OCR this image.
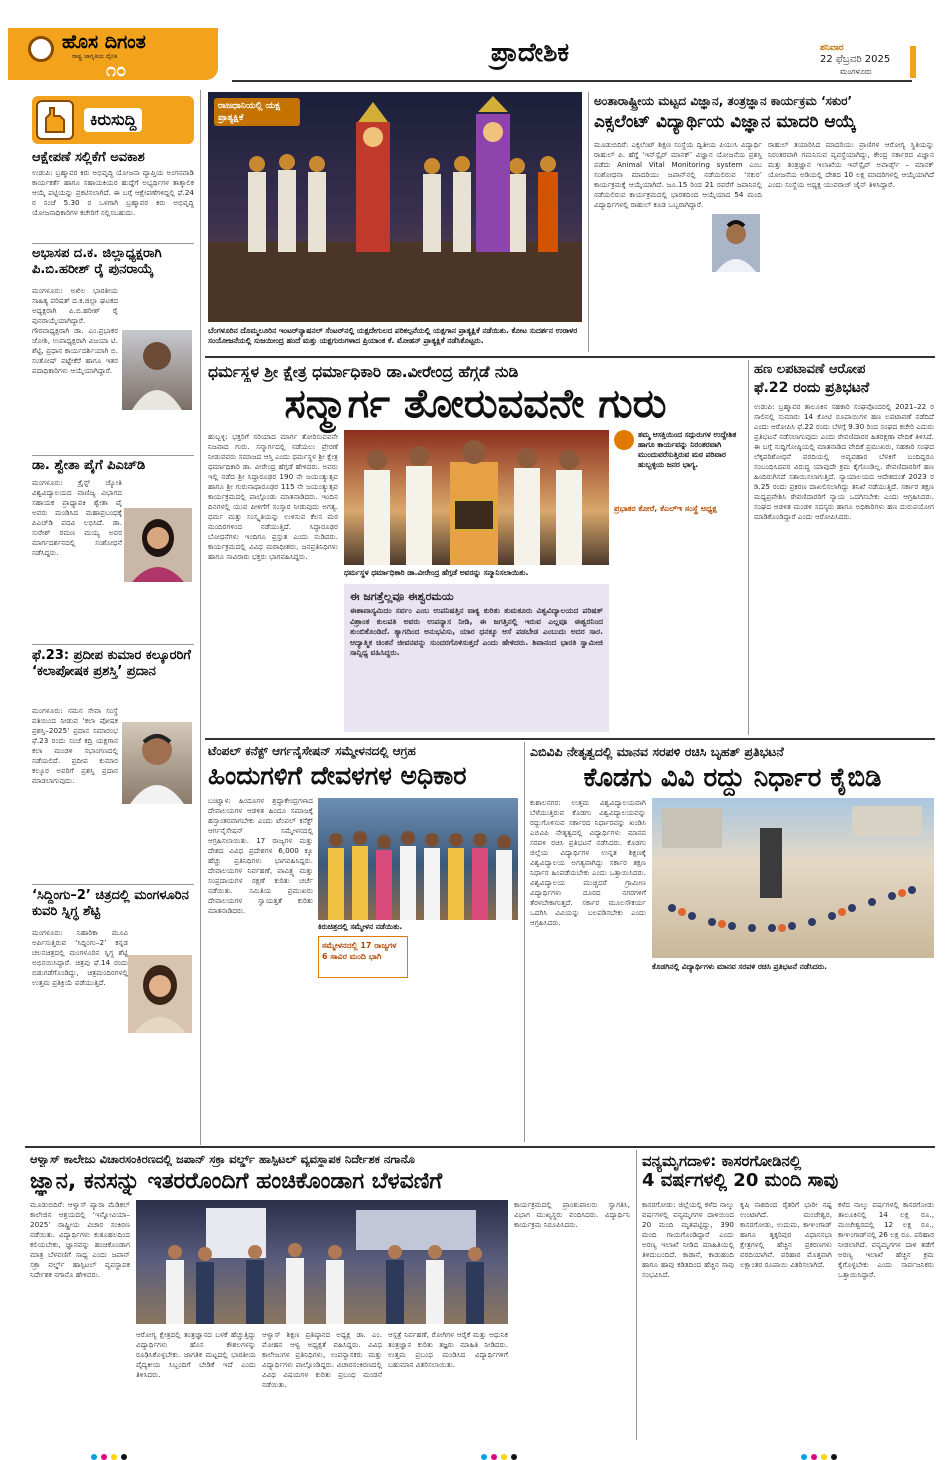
ಹೊಸ ದಿಗಂತ
ರಾಷ್ಟ್ರ ಜಾಗೃತಿಯ ದೈನಿಕ
೧೦
ಪ್ರಾದೇಶಿಕ	ಶನಿವಾರ
22 ಫೆಬ್ರವರಿ 2025
ಮಂಗಳೂರು
ಕಿರುಸುದ್ದಿ
ಆಕ್ಷೇಪಣೆ ಸಲ್ಲಿಕೆಗೆ ಅವಕಾಶ
ಉಡುಪಿ: ಬ್ರಹ್ಮಾವರ ಕಿರು ಅಭಿವೃದ್ಧಿ ಯೋಜನಾ ವ್ಯಾಪ್ತಿಯ ಅಂಗನವಾಡಿ ಕಾರ್ಯಕರ್ತೆ ಹಾಗೂ ಸಹಾಯಕಿಯರ ಹುದ್ದೆಗೆ ಅಭ್ಯರ್ಥಿಗಳ ತಾತ್ಕಾಲಿಕ ಆಯ್ಕೆ ಪಟ್ಟಿಯನ್ನು ಪ್ರಕಟಿಸಲಾಗಿದೆ. ಈ ಬಗ್ಗೆ ಆಕ್ಷೇಪಣೆಗಳಿದ್ದಲ್ಲಿ ಫೆ.24 ರ ಸಂಜೆ 5.30 ರ ಒಳಗಾಗಿ ಬ್ರಹ್ಮಾವರ ಕಿರು ಅಭಿವೃದ್ಧಿ ಯೋಜನಾಧಿಕಾರಿಗಳ ಕಚೇರಿಗೆ ಸಲ್ಲಿಸಬಹುದು.
ಅಭಾಸಪ ದ.ಕ. ಜಿಲ್ಲಾಧ್ಯಕ್ಷರಾಗಿ ಪಿ.ಬಿ.ಹರೀಶ್ ರೈ ಪುನರಾಯ್ಕೆ
ಮಂಗಳೂರು: ಅಖಿಲ ಭಾರತೀಯ ಸಾಹಿತ್ಯ ಪರಿಷತ್ ದ.ಕ.ಜಿಲ್ಲಾ ಘಟಕದ ಅಧ್ಯಕ್ಷರಾಗಿ ಪಿ.ಬಿ.ಹರೀಶ್ ರೈ ಪುನರಾಯ್ಕೆಯಾಗಿದ್ದಾರೆ. ಗೌರವಾಧ್ಯಕ್ಷರಾಗಿ ಡಾ. ಎಂ.ಪ್ರಭಾಕರ ಜೋಶಿ, ಉಪಾಧ್ಯಕ್ಷರಾಗಿ ವಿಜಯಾ ಟಿ. ಶೆಟ್ಟಿ, ಪ್ರಧಾನ ಕಾರ್ಯದರ್ಶಿಯಾಗಿ ಬಿ. ಸಂತೋಷ್ ಪಟ್ಟೇಕೆರೆ ಹಾಗೂ ಇತರ ಪದಾಧಿಕಾರಿಗಳು ಆಯ್ಕೆಯಾಗಿದ್ದಾರೆ.
ಡಾ. ಶ್ವೇತಾ ಪೈಗೆ ಪಿಎಚ್‌ಡಿ
ಮಂಗಳೂರು: ಕ್ರೈಸ್ಟ್ ಜ್ಯೋತಿ ವಿಶ್ವವಿದ್ಯಾಲಯದ ವಾಣಿಜ್ಯ ವಿಭಾಗದ ಸಹಾಯಕ ಪ್ರಾಧ್ಯಾಪಕಿ ಶ್ವೇತಾ ಪೈ ಅವರು ಮಂಡಿಸಿದ ಮಹಾಪ್ರಬಂಧಕ್ಕೆ ಪಿಎಚ್‌ಡಿ ಪದವಿ ಲಭಿಸಿದೆ. ಡಾ. ಸುರೇಶ್ ರಮಣ ಮಯ್ಯ ಅವರ ಮಾರ್ಗದರ್ಶನದಲ್ಲಿ ಸಂಶೋಧನೆ ನಡೆಸಿದ್ದರು.
ಫೆ.23: ಪ್ರದೀಪ ಕುಮಾರ ಕಲ್ಕೂರರಿಗೆ ‘ಕಲಾಪೋಷಕ ಪ್ರಶಸ್ತಿ’ ಪ್ರದಾನ
ಮಂಗಳೂರು: ನಮನ ಸೇವಾ ಸಂಸ್ಥೆ ವತಿಯಿಂದ ನೀಡುವ ‘ಕಲಾ ಪೋಷಕ ಪ್ರಶಸ್ತಿ–2025’ ಪ್ರದಾನ ಸಮಾರಂಭ ಫೆ.23 ರಂದು ಸಂಜೆ ಕದ್ರಿ ಯಕ್ಷಗಾನ ಕಲಾ ಮಂಡಳಿ ಸಭಾಂಗಣದಲ್ಲಿ ನಡೆಯಲಿದೆ. ಪ್ರದೀಪ ಕುಮಾರ ಕಲ್ಕೂರ ಅವರಿಗೆ ಪ್ರಶಸ್ತಿ ಪ್ರದಾನ ಮಾಡಲಾಗುವುದು.
‘ಸಿದ್ದಿಂಗು–2’ ಚಿತ್ರದಲ್ಲಿ ಮಂಗಳೂರಿನ ಕುವರಿ ಸ್ನಿಗ್ಧ ಶೆಟ್ಟಿ
ಮಂಗಳೂರು: ನಿಹಾರಿಕಾ ಮೂವಿ ಅರ್ಪಿಸುತ್ತಿರುವ ‘ಸಿದ್ದಿಂಗು–2’ ಕನ್ನಡ ಚಲನಚಿತ್ರದಲ್ಲಿ ಮಂಗಳೂರಿನ ಸ್ನಿಗ್ಧ ಶೆಟ್ಟಿ ಅಭಿನಯಿಸಿದ್ದಾರೆ. ಚಿತ್ರವು ಫೆ.14 ರಂದು ಬಿಡುಗಡೆಗೊಂಡಿದ್ದು, ಚಿತ್ರಮಂದಿರಗಳಲ್ಲಿ ಉತ್ತಮ ಪ್ರತಿಕ್ರಿಯೆ ಪಡೆಯುತ್ತಿದೆ.
ರಾಜಧಾನಿಯಲ್ಲಿ ಯಕ್ಷ ಪ್ರಾತ್ಯಕ್ಷಿಕೆ
ಬೆಂಗಳೂರಿನ ದೊಮ್ಮಲೂರಿನ ಇಂಟರ್‌ನ್ಯಾಷನಲ್ ಸೆಂಟರ್‌ನಲ್ಲಿ ಯಕ್ಷದೇಗುಲದ ಪರಿಕಲ್ಪನೆಯಲ್ಲಿ ಯಕ್ಷಗಾನ ಪ್ರಾತ್ಯಕ್ಷಿಕೆ ನಡೆಯಿತು. ಕೋಟ ಸುದರ್ಶನ ಉರಾಳರ ಸಂಯೋಜನೆಯಲ್ಲಿ ಸುಜಯೀಂದ್ರ ಹಂದೆ ಮತ್ತು ಯಕ್ಷಗುರುಗಳಾದ ಪ್ರಿಯಾಂಕ ಕೆ. ಮೋಹನ್ ಪ್ರಾತ್ಯಕ್ಷಿಕೆ ನಡೆಸಿಕೊಟ್ಟರು.
ಅಂತಾರಾಷ್ಟ್ರೀಯ ಮಟ್ಟದ ವಿಜ್ಞಾನ, ತಂತ್ರಜ್ಞಾನ ಕಾರ್ಯಕ್ರಮ ‘ಸಕುರ’
ಎಕ್ಸಲೆಂಟ್ ವಿದ್ಯಾರ್ಥಿಯ ವಿಜ್ಞಾನ ಮಾದರಿ ಆಯ್ಕೆ
ಮೂಡುಬಿದಿರೆ: ಎಕ್ಸಲೆಂಟ್ ಶಿಕ್ಷಣ ಸಂಸ್ಥೆಯ ದ್ವಿತೀಯ ಪಿಯುಸಿ ವಿದ್ಯಾರ್ಥಿ ರಾಹುಲ್ ಪಿ. ಹೆಗ್ಡೆ ‘ಇನ್‌ಸ್ಪೈರ್ ಮಾನಕ್’ ವಿಜ್ಞಾನ ಯೋಜನೆಯ ಪ್ರಶಸ್ತಿ ಪಡೆದು Animal Vital Monitoring system ಎಂಬ ಸಂಶೋಧನಾ ಮಾದರಿಯು ಜಪಾನ್‌ನಲ್ಲಿ ನಡೆಯಲಿರುವ ‘ಸಕುರ’ ಕಾರ್ಯಕ್ರಮಕ್ಕೆ ಆಯ್ಕೆಯಾಗಿದೆ. ಜೂ.15 ರಿಂದ 21 ರವರೆಗೆ ಜಪಾನಿನಲ್ಲಿ ನಡೆಯಲಿರುವ ಕಾರ್ಯಕ್ರಮದಲ್ಲಿ ಭಾರತದಿಂದ ಆಯ್ಕೆಯಾದ 54 ಮಂದಿ ವಿದ್ಯಾರ್ಥಿಗಳಲ್ಲಿ ರಾಹುಲ್ ಕೂಡ ಒಬ್ಬರಾಗಿದ್ದಾರೆ.
ರಾಹುಲ್ ತಯಾರಿಸಿದ ಮಾದರಿಯು ಪ್ರಾಣಿಗಳ ಆರೋಗ್ಯ ಸ್ಥಿತಿಯನ್ನು ನಿರಂತರವಾಗಿ ಗಮನಿಸುವ ವ್ಯವಸ್ಥೆಯಾಗಿದ್ದು, ಕೇಂದ್ರ ಸರ್ಕಾರದ ವಿಜ್ಞಾನ ಮತ್ತು ತಂತ್ರಜ್ಞಾನ ಇಲಾಖೆಯ ಇನ್‌ಸ್ಪೈರ್ ಅವಾರ್ಡ್ಸ್ – ಮಾನಕ್ ಯೋಜನೆಯ ಅಡಿಯಲ್ಲಿ ದೇಶದ 10 ಲಕ್ಷ ಮಾದರಿಗಳಲ್ಲಿ ಆಯ್ಕೆಯಾಗಿದೆ ಎಂದು ಸಂಸ್ಥೆಯ ಅಧ್ಯಕ್ಷ ಯುವರಾಜ್ ಜೈನ್ ತಿಳಿಸಿದ್ದಾರೆ.
ಧರ್ಮಸ್ಥಳ ಶ್ರೀ ಕ್ಷೇತ್ರ ಧರ್ಮಾಧಿಕಾರಿ ಡಾ.ವೀರೇಂದ್ರ ಹೆಗ್ಗಡೆ ನುಡಿ
ಸನ್ಮಾರ್ಗ ತೋರುವವನೇ ಗುರು
ಹುಬ್ಬಳ್ಳಿ: ಭಕ್ತರಿಗೆ ಸರಿಯಾದ ಮಾರ್ಗ ತೋರಿಸುವವನೇ ನಿಜವಾದ ಗುರು. ಸನ್ಮಾರ್ಗದಲ್ಲಿ ನಡೆಯಲು ಪ್ರೇರಣೆ ನೀಡುವವರು ಸಮಾಜದ ಆಸ್ತಿ ಎಂದು ಧರ್ಮಸ್ಥಳ ಶ್ರೀ ಕ್ಷೇತ್ರ ಧರ್ಮಾಧಿಕಾರಿ ಡಾ. ವೀರೇಂದ್ರ ಹೆಗ್ಗಡೆ ಹೇಳಿದರು. ಅವರು ಇಲ್ಲಿ ನಡೆದ ಶ್ರೀ ಸಿದ್ಧಾರೂಢರ 190 ನೇ ಜಯಂತ್ಯುತ್ಸವ ಹಾಗೂ ಶ್ರೀ ಗುರುನಾಥಾರೂಢರ 115 ನೇ ಜಯಂತ್ಯುತ್ಸವ ಕಾರ್ಯಕ್ರಮದಲ್ಲಿ ಪಾಲ್ಗೊಂಡು ಮಾತನಾಡಿದರು. ಇಂದಿನ ದಿನಗಳಲ್ಲಿ ಯುವ ಪೀಳಿಗೆಗೆ ಸಂಸ್ಕಾರ ನೀಡುವುದು ಅಗತ್ಯ. ಧರ್ಮ ಮತ್ತು ಸಂಸ್ಕೃತಿಯನ್ನು ಉಳಿಸುವ ಕೆಲಸ ಮಠ ಮಂದಿರಗಳಿಂದ ನಡೆಯುತ್ತಿದೆ. ಸಿದ್ಧಾರೂಢರ ಬೋಧನೆಗಳು ಇಂದಿಗೂ ಪ್ರಸ್ತುತ ಎಂದು ನುಡಿದರು. ಕಾರ್ಯಕ್ರಮದಲ್ಲಿ ವಿವಿಧ ಮಠಾಧೀಶರು, ಜನಪ್ರತಿನಿಧಿಗಳು ಹಾಗೂ ಸಾವಿರಾರು ಭಕ್ತರು ಭಾಗವಹಿಸಿದ್ದರು.
ಧರ್ಮಸ್ಥಳ ಧರ್ಮಾಧಿಕಾರಿ ಡಾ.ವೀರೇಂದ್ರ ಹೆಗ್ಗಡೆ ಅವರನ್ನು ಸನ್ಮಾನಿಸಲಾಯಿತು.
ತಮ್ಮ ಆಸಕ್ತಿಯಿಂದ ಸದ್ಗುರುಗಳ ಉದ್ದೇಶಿತ ಹಾಗೂ ಕಾರ್ಯವನ್ನು ನಿರಂತರವಾಗಿ ಮುಂದುವರೆಸುತ್ತಿರುವ ಮಠ ಪರಿವಾರ ಹುಬ್ಬಳ್ಳಿಯ ಜನರ ಭಾಗ್ಯ.
ಪ್ರಭಾಕರ ಕೋರೆ, ಕೆಎಲ್‌ಇ ಸಂಸ್ಥೆ ಅಧ್ಯಕ್ಷ
ಈ ಜಗತ್ತೆಲ್ಲವೂ ಈಶ್ವರಮಯ
ಈಶಾವಾಸ್ಯಮಿದಂ ಸರ್ವಂ ಎಂಬ ಉಪನಿಷತ್ತಿನ ವಾಕ್ಯ ಕುರಿತು ತುಮಕೂರು ವಿಶ್ವವಿದ್ಯಾಲಯದ ಪರಿಷತ್ ವಿಶ್ರಾಂತ ಕುಲಪತಿ ಅವರು ಉಪನ್ಯಾಸ ನೀಡಿ, ಈ ಜಗತ್ತಿನಲ್ಲಿ ಇರುವ ಎಲ್ಲವೂ ಈಶ್ವರನಿಂದ ತುಂಬಿಕೊಂಡಿದೆ. ತ್ಯಾಗದಿಂದ ಅನುಭವಿಸು, ಯಾರ ಧನಕ್ಕೂ ಆಸೆ ಪಡಬೇಡ ಎಂಬುದು ಅದರ ಸಾರ. ಆದ್ಯಾತ್ಮಿಕ ಚಿಂತನೆ ಜೀವನವನ್ನು ಸುಂದರಗೊಳಿಸುತ್ತದೆ ಎಂದು ಹೇಳಿದರು. ಶಿವಾನಂದ ಭಾರತಿ ಸ್ವಾಮೀಜಿ ಸಾನ್ನಿಧ್ಯ ವಹಿಸಿದ್ದರು.
ಹಣ ಲಪಟಾವಣೆ ಆರೋಪ
ಫೆ.22 ರಂದು ಪ್ರತಿಭಟನೆ
ಉಡುಪಿ: ಬ್ರಹ್ಮಾವರ ತಾಲೂಕಿನ ಸಹಕಾರಿ ಸಂಘವೊಂದರಲ್ಲಿ 2021–22 ರ ಸಾಲಿನಲ್ಲಿ ಸುಮಾರು 14 ಕೋಟಿ ರೂಪಾಯಿಗಳ ಹಣ ಲಪಟಾವಣೆ ನಡೆದಿದೆ ಎಂದು ಆರೋಪಿಸಿ ಫೆ.22 ರಂದು ಬೆಳಗ್ಗೆ 9.30 ರಿಂದ ಸಂಘದ ಕಚೇರಿ ಎದುರು ಪ್ರತಿಭಟನೆ ನಡೆಸಲಾಗುವುದು ಎಂದು ಠೇವಣಿದಾರರ ಹಿತರಕ್ಷಣಾ ವೇದಿಕೆ ತಿಳಿಸಿದೆ. ಈ ಬಗ್ಗೆ ಸುದ್ದಿಗೋಷ್ಠಿಯಲ್ಲಿ ಮಾತನಾಡಿದ ವೇದಿಕೆ ಪ್ರಮುಖರು, ಸಹಕಾರಿ ಸಂಘದ ಲೆಕ್ಕಪರಿಶೋಧನೆ ವರದಿಯಲ್ಲಿ ಅವ್ಯವಹಾರ ಬೆಳಕಿಗೆ ಬಂದಿದ್ದರೂ ಸಂಬಂಧಿಸಿದವರ ವಿರುದ್ಧ ಯಾವುದೇ ಕ್ರಮ ಕೈಗೊಂಡಿಲ್ಲ. ಠೇವಣಿದಾರರಿಗೆ ಹಣ ಹಿಂದಿರುಗಿಸದೆ ಸತಾಯಿಸಲಾಗುತ್ತಿದೆ. ನ್ಯಾಯಾಲಯದ ಆದೇಶದಂತೆ 2023 ರ ಡಿ.25 ರಂದು ಪ್ರಕರಣ ದಾಖಲಿಸಲಾಗಿದ್ದು ತನಿಖೆ ನಡೆಯುತ್ತಿದೆ. ಸರ್ಕಾರ ತಕ್ಷಣ ಮಧ್ಯಪ್ರವೇಶಿಸಿ ಠೇವಣಿದಾರರಿಗೆ ನ್ಯಾಯ ಒದಗಿಸಬೇಕು ಎಂದು ಆಗ್ರಹಿಸಿದರು. ಸಂಘದ ಆಡಳಿತ ಮಂಡಳಿ ಸದಸ್ಯರು ಹಾಗೂ ಅಧಿಕಾರಿಗಳು ಹಣ ದುರುಪಯೋಗ ಮಾಡಿಕೊಂಡಿದ್ದಾರೆ ಎಂದು ಆರೋಪಿಸಿದರು.
ಟೆಂಪಲ್ ಕನೆಕ್ಟ್ ಆರ್ಗನೈಸೇಷನ್ ಸಮ್ಮೇಳನದಲ್ಲಿ ಆಗ್ರಹ
ಹಿಂದುಗಳಿಗೆ ದೇವಳಗಳ ಅಧಿಕಾರ
ಬಂಟ್ವಾಳ: ಹಿಂದೂಗಳ ಶ್ರದ್ಧಾಕೇಂದ್ರಗಳಾದ ದೇವಾಲಯಗಳ ಆಡಳಿತ ಹಿಂದೂ ಸಮಾಜಕ್ಕೆ ಹಸ್ತಾಂತರವಾಗಬೇಕು ಎಂದು ಟೆಂಪಲ್ ಕನೆಕ್ಟ್ ಆರ್ಗನೈಸೇಷನ್ ಸಮ್ಮೇಳನದಲ್ಲಿ ಆಗ್ರಹಿಸಲಾಯಿತು. 17 ರಾಜ್ಯಗಳ ಮತ್ತು ದೇಶದ ವಿವಿಧ ಪ್ರದೇಶಗಳ 6,000 ಕ್ಕೂ ಹೆಚ್ಚು ಪ್ರತಿನಿಧಿಗಳು ಭಾಗವಹಿಸಿದ್ದರು. ದೇವಾಲಯಗಳ ನಿರ್ವಹಣೆ, ಪಾವಿತ್ರ್ಯ ಮತ್ತು ಸಂಪ್ರದಾಯಗಳ ರಕ್ಷಣೆ ಕುರಿತು ಚರ್ಚೆ ನಡೆಯಿತು. ಸಮಿತಿಯ ಪ್ರಮುಖರು ದೇವಾಲಯಗಳ ಸ್ವಾಯತ್ತತೆ ಕುರಿತು ಮಾತನಾಡಿದರು.
ಕಿರುಚಿತ್ರದಲ್ಲಿ ಸಮ್ಮೇಳನ ನಡೆಯಿತು.
ಸಮ್ಮೇಳನದಲ್ಲಿ 17 ರಾಜ್ಯಗಳ 6 ಸಾವಿರ ಮಂದಿ ಭಾಗಿ
ಎಬಿವಿಪಿ ನೇತೃತ್ವದಲ್ಲಿ ಮಾನವ ಸರಪಳಿ ರಚಿಸಿ ಬೃಹತ್ ಪ್ರತಿಭಟನೆ
ಕೊಡಗು ವಿವಿ ರದ್ದು ನಿರ್ಧಾರ ಕೈಬಿಡಿ
ಕುಶಾಲನಗರ: ಉತ್ತಮ ವಿಶ್ವವಿದ್ಯಾಲಯವಾಗಿ ಬೆಳೆಯುತ್ತಿರುವ ಕೊಡಗು ವಿಶ್ವವಿದ್ಯಾಲಯವನ್ನು ರದ್ದುಗೊಳಿಸುವ ಸರ್ಕಾರದ ನಿರ್ಧಾರವನ್ನು ಖಂಡಿಸಿ ಎಬಿವಿಪಿ ನೇತೃತ್ವದಲ್ಲಿ ವಿದ್ಯಾರ್ಥಿಗಳು ಮಾನವ ಸರಪಳಿ ರಚಿಸಿ ಪ್ರತಿಭಟನೆ ನಡೆಸಿದರು. ಕೊಡಗು ಜಿಲ್ಲೆಯ ವಿದ್ಯಾರ್ಥಿಗಳ ಉನ್ನತ ಶಿಕ್ಷಣಕ್ಕೆ ವಿಶ್ವವಿದ್ಯಾಲಯ ಅಗತ್ಯವಾಗಿದ್ದು ಸರ್ಕಾರ ತಕ್ಷಣ ನಿರ್ಧಾರ ಹಿಂಪಡೆಯಬೇಕು ಎಂದು ಒತ್ತಾಯಿಸಿದರು. ವಿಶ್ವವಿದ್ಯಾಲಯ ಮುಚ್ಚಿದರೆ ಗ್ರಾಮೀಣ ವಿದ್ಯಾರ್ಥಿಗಳು ದೂರದ ನಗರಗಳಿಗೆ ತೆರಳಬೇಕಾಗುತ್ತದೆ. ಸರ್ಕಾರ ಮೂಲಸೌಕರ್ಯ ಒದಗಿಸಿ ವಿವಿಯನ್ನು ಬಲಪಡಿಸಬೇಕು ಎಂದು ಆಗ್ರಹಿಸಿದರು.
ಕೊಡಗಿನಲ್ಲಿ ವಿದ್ಯಾರ್ಥಿಗಳು ಮಾನವ ಸರಪಳಿ ರಚಿಸಿ ಪ್ರತಿಭಟನೆ ನಡೆಸಿದರು.
ಆಳ್ವಾಸ್ ಕಾಲೇಜು ವಿಚಾರಸಂಕಿರಣದಲ್ಲಿ ಜಪಾನ್ ಸಕ್ರಾ ವರ್ಲ್ಡ್ ಹಾಸ್ಪಿಟಲ್ ವ್ಯವಸ್ಥಾಪಕ ನಿರ್ದೇಶಕ ನಗಾನೊ
ಜ್ಞಾನ, ಕನಸನ್ನು ಇತರರೊಂದಿಗೆ ಹಂಚಿಕೊಂಡಾಗ ಬೆಳವಣಿಗೆ
ಮೂಡುಬಿದಿರೆ: ಆಳ್ವಾಸ್ ಪ್ಯಾರಾ ಮೆಡಿಕಲ್ ಕಾಲೇಜಿನ ಆಶ್ರಯದಲ್ಲಿ ‘ಇನ್ನೋವಿಯಾ–2025’ ರಾಷ್ಟ್ರೀಯ ವಿಚಾರ ಸಂಕಿರಣ ನಡೆಯಿತು. ವಿದ್ಯಾರ್ಥಿಗಳು ಕುತೂಹಲದಿಂದ ಕಲಿಯಬೇಕು, ಜ್ಞಾನವನ್ನು ಹಂಚಿಕೊಂಡಾಗ ಮಾತ್ರ ಬೆಳವಣಿಗೆ ಸಾಧ್ಯ ಎಂದು ಜಪಾನ್ ಸಕ್ರಾ ವರ್ಲ್ಡ್ ಹಾಸ್ಪಿಟಲ್ ವ್ಯವಸ್ಥಾಪಕ ನಿರ್ದೇಶಕ ನಗಾನೊ ಹೇಳಿದರು.
ಆರೋಗ್ಯ ಕ್ಷೇತ್ರದಲ್ಲಿ ತಂತ್ರಜ್ಞಾನದ ಬಳಕೆ ಹೆಚ್ಚುತ್ತಿದ್ದು ವಿದ್ಯಾರ್ಥಿಗಳು ಹೊಸ ಕೌಶಲಗಳನ್ನು ರೂಢಿಸಿಕೊಳ್ಳಬೇಕು. ಜಾಗತಿಕ ಮಟ್ಟದಲ್ಲಿ ಭಾರತೀಯ ವೈದ್ಯಕೀಯ ಸಿಬ್ಬಂದಿಗೆ ಬೇಡಿಕೆ ಇದೆ ಎಂದು ತಿಳಿಸಿದರು.
ಆಳ್ವಾಸ್ ಶಿಕ್ಷಣ ಪ್ರತಿಷ್ಠಾನದ ಅಧ್ಯಕ್ಷ ಡಾ. ಎಂ. ಮೋಹನ ಆಳ್ವ ಅಧ್ಯಕ್ಷತೆ ವಹಿಸಿದ್ದರು. ವಿವಿಧ ಕಾಲೇಜುಗಳ ಪ್ರತಿನಿಧಿಗಳು, ಉಪನ್ಯಾಸಕರು ಮತ್ತು ವಿದ್ಯಾರ್ಥಿಗಳು ಪಾಲ್ಗೊಂಡಿದ್ದರು. ವಿಚಾರಸಂಕಿರಣದಲ್ಲಿ ವಿವಿಧ ವಿಷಯಗಳ ಕುರಿತು ಪ್ರಬಂಧ ಮಂಡನೆ ನಡೆಯಿತು.
ಆಸ್ಪತ್ರೆ ನಿರ್ವಹಣೆ, ರೋಗಿಗಳ ಆರೈಕೆ ಮತ್ತು ಆಧುನಿಕ ತಂತ್ರಜ್ಞಾನ ಕುರಿತು ತಜ್ಞರು ಮಾಹಿತಿ ನೀಡಿದರು. ಉತ್ತಮ ಪ್ರಬಂಧ ಮಂಡಿಸಿದ ವಿದ್ಯಾರ್ಥಿಗಳಿಗೆ ಬಹುಮಾನ ವಿತರಿಸಲಾಯಿತು.
ಕಾರ್ಯಕ್ರಮದಲ್ಲಿ ಪ್ರಾಂಶುಪಾಲರು ಸ್ವಾಗತಿಸಿ, ವಿಭಾಗ ಮುಖ್ಯಸ್ಥರು ವಂದಿಸಿದರು. ವಿದ್ಯಾರ್ಥಿನಿ ಕಾರ್ಯಕ್ರಮ ನಿರೂಪಿಸಿದರು.
ವನ್ಯಮೃಗದಾಳಿ: ಕಾಸರಗೋಡಿನಲ್ಲಿ
4 ವರ್ಷಗಳಲ್ಲಿ 20 ಮಂದಿ ಸಾವು
ಕಾಸರಗೋಡು: ಜಿಲ್ಲೆಯಲ್ಲಿ ಕಳೆದ ನಾಲ್ಕು ವರ್ಷಗಳಲ್ಲಿ ವನ್ಯಮೃಗಗಳ ದಾಳಿಯಿಂದ 20 ಮಂದಿ ಮೃತಪಟ್ಟಿದ್ದು, 390 ಮಂದಿ ಗಾಯಗೊಂಡಿದ್ದಾರೆ ಎಂದು ಅರಣ್ಯ ಇಲಾಖೆ ನೀಡಿದ ಮಾಹಿತಿಯಲ್ಲಿ ತಿಳಿದುಬಂದಿದೆ. ಕಾಡಾನೆ, ಕಾಡುಹಂದಿ ಹಾಗೂ ಹಾವು ಕಡಿತದಿಂದ ಹೆಚ್ಚಿನ ಸಾವು ಸಂಭವಿಸಿದೆ.
ಕೃಷಿ ನಾಶದಿಂದ ರೈತರಿಗೆ ಭಾರೀ ನಷ್ಟ ಉಂಟಾಗಿದೆ. ಮಂಜೇಶ್ವರ, ಕಾಸರಗೋಡು, ಉದುಮ, ಕಾಞಂಗಾಡ್ ಹಾಗೂ ತೃಕ್ಕರಿಪುರ ವಿಧಾನಸಭಾ ಕ್ಷೇತ್ರಗಳಲ್ಲಿ ಹೆಚ್ಚಿನ ಪ್ರಕರಣಗಳು ವರದಿಯಾಗಿವೆ. ಪರಿಹಾರ ಮೊತ್ತವಾಗಿ ಲಕ್ಷಾಂತರ ರೂಪಾಯಿ ವಿತರಿಸಲಾಗಿದೆ.
ಕಳೆದ ನಾಲ್ಕು ವರ್ಷಗಳಲ್ಲಿ ಕಾಸರಗೋಡು ತಾಲೂಕಿನಲ್ಲಿ 14 ಲಕ್ಷ ರೂ., ಮಂಜೇಶ್ವರದಲ್ಲಿ 12 ಲಕ್ಷ ರೂ., ಕಾಞಂಗಾಡ್‌ನಲ್ಲಿ 26 ಲಕ್ಷ ರೂ. ಪರಿಹಾರ ನೀಡಲಾಗಿದೆ. ವನ್ಯಮೃಗಗಳ ದಾಳಿ ತಡೆಗೆ ಅರಣ್ಯ ಇಲಾಖೆ ಹೆಚ್ಚಿನ ಕ್ರಮ ಕೈಗೊಳ್ಳಬೇಕು ಎಂದು ಸಾರ್ವಜನಿಕರು ಒತ್ತಾಯಿಸಿದ್ದಾರೆ.
